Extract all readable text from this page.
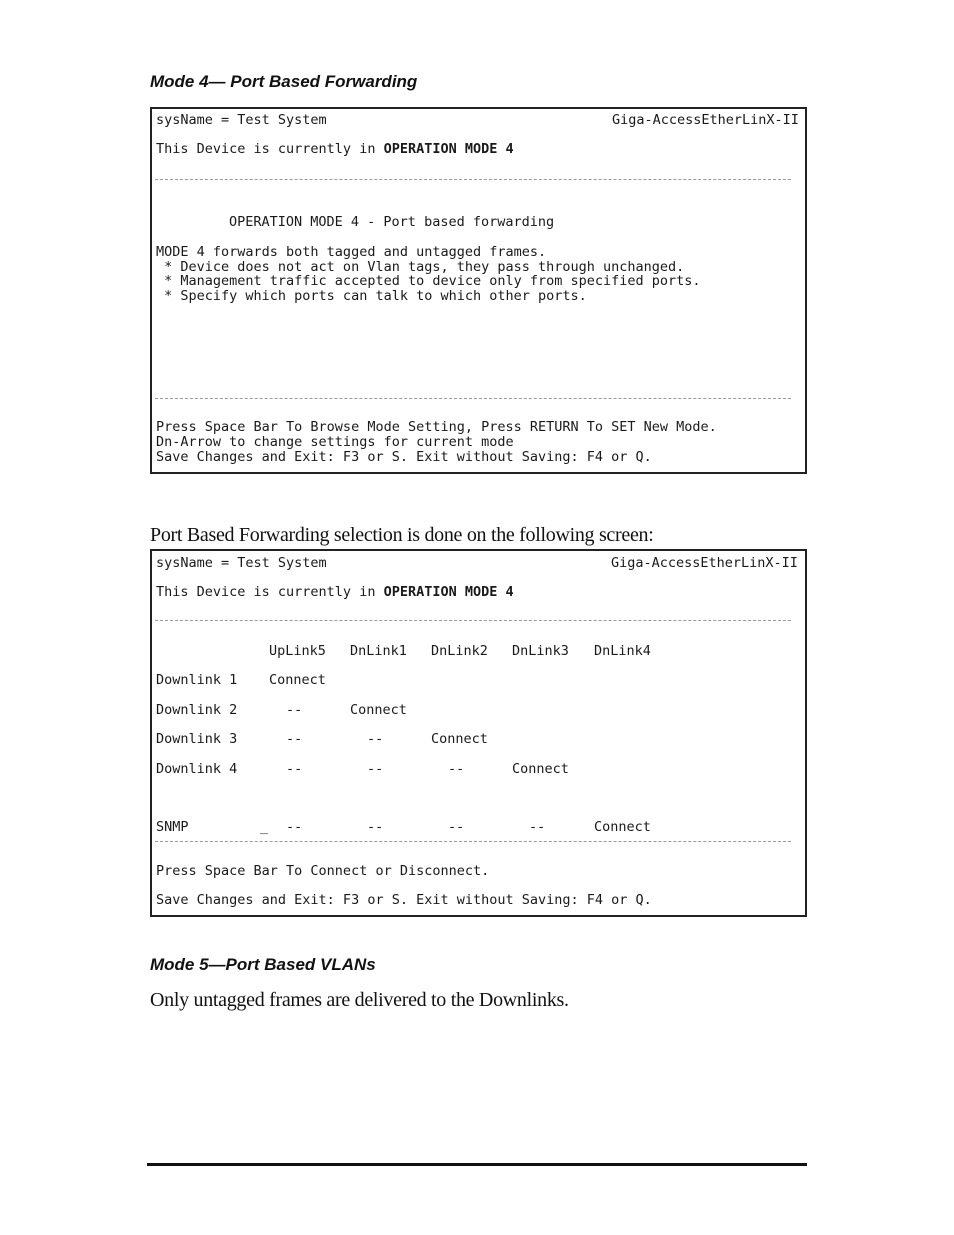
Mode 4— Port Based Forwarding
sysName = Test System	Giga-AccessEtherLinX-II
This Device is currently in OPERATION MODE 4
OPERATION MODE 4 - Port based forwarding
MODE 4 forwards both tagged and untagged frames.
* Device does not act on Vlan tags, they pass through unchanged.
* Management traffic accepted to device only from specified ports.
* Specify which ports can talk to which other ports.
Press Space Bar To Browse Mode Setting, Press RETURN To SET New Mode.
Dn-Arrow to change settings for current mode
Save Changes and Exit: F3 or S. Exit without Saving: F4 or Q.
Port Based Forwarding selection is done on the following screen:
sysName = Test System	Giga-AccessEtherLinX-II
This Device is currently in OPERATION MODE 4
UpLink5 DnLink1 DnLink2 DnLink3 DnLink4
Downlink 1 Connect
Downlink 2	--	Connect
Downlink 3	--	--	Connect
Downlink 4	--	--	--	Connect
SNMP	_ --	--	--	--	Connect
Press Space Bar To Connect or Disconnect.
Save Changes and Exit: F3 or S. Exit without Saving: F4 or Q.
Mode 5—Port Based VLANs
Only untagged frames are delivered to the Downlinks.
